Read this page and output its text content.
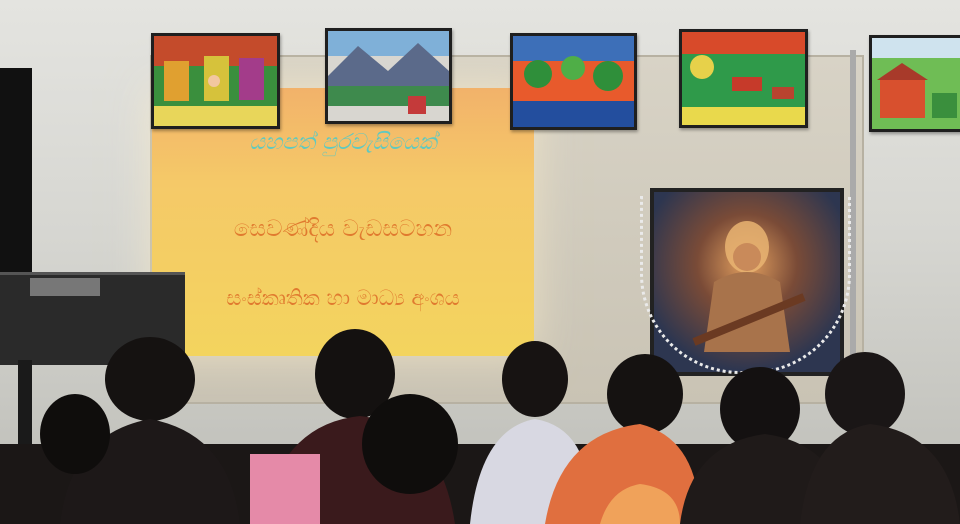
යහපත් පුරවැසියෙක්
සෙවණ්දිය වැඩසටහන
සංස්කෘතික හා මාධ්‍ය අංශය
